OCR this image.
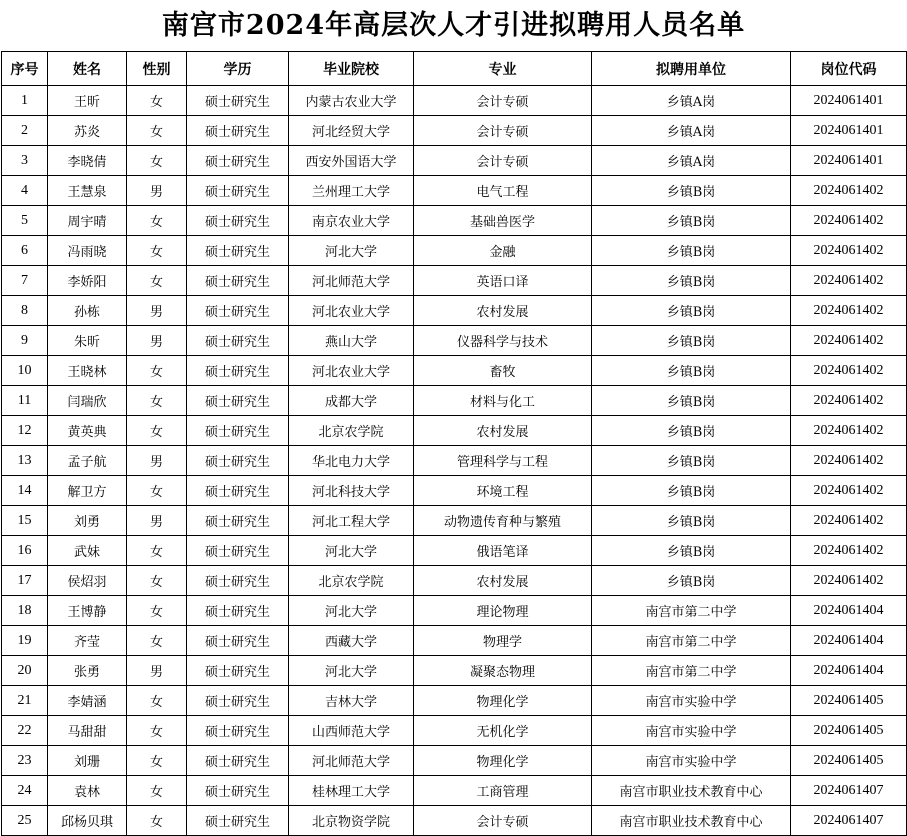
南宫市2024年高层次人才引进拟聘用人员名单
序号	姓名	性别	学历	毕业院校	专业	拟聘用单位	岗位代码
1	王昕	女	硕士研究生	内蒙古农业大学	会计专硕	乡镇A岗	2024061401
2	苏炎	女	硕士研究生	河北经贸大学	会计专硕	乡镇A岗	2024061401
3	李晓倩	女	硕士研究生	西安外国语大学	会计专硕	乡镇A岗	2024061401
4	王慧泉	男	硕士研究生	兰州理工大学	电气工程	乡镇B岗	2024061402
5	周宇晴	女	硕士研究生	南京农业大学	基础兽医学	乡镇B岗	2024061402
6	冯雨晓	女	硕士研究生	河北大学	金融	乡镇B岗	2024061402
7	李娇阳	女	硕士研究生	河北师范大学	英语口译	乡镇B岗	2024061402
8	孙栋	男	硕士研究生	河北农业大学	农村发展	乡镇B岗	2024061402
9	朱昕	男	硕士研究生	燕山大学	仪器科学与技术	乡镇B岗	2024061402
10	王晓林	女	硕士研究生	河北农业大学	畜牧	乡镇B岗	2024061402
11	闫瑞欣	女	硕士研究生	成都大学	材料与化工	乡镇B岗	2024061402
12	黄英典	女	硕士研究生	北京农学院	农村发展	乡镇B岗	2024061402
13	孟子航	男	硕士研究生	华北电力大学	管理科学与工程	乡镇B岗	2024061402
14	解卫方	女	硕士研究生	河北科技大学	环境工程	乡镇B岗	2024061402
15	刘勇	男	硕士研究生	河北工程大学	动物遗传育种与繁殖	乡镇B岗	2024061402
16	武妹	女	硕士研究生	河北大学	俄语笔译	乡镇B岗	2024061402
17	侯炤羽	女	硕士研究生	北京农学院	农村发展	乡镇B岗	2024061402
18	王博静	女	硕士研究生	河北大学	理论物理	南宫市第二中学	2024061404
19	齐莹	女	硕士研究生	西藏大学	物理学	南宫市第二中学	2024061404
20	张勇	男	硕士研究生	河北大学	凝聚态物理	南宫市第二中学	2024061404
21	李婧涵	女	硕士研究生	吉林大学	物理化学	南宫市实验中学	2024061405
22	马甜甜	女	硕士研究生	山西师范大学	无机化学	南宫市实验中学	2024061405
23	刘珊	女	硕士研究生	河北师范大学	物理化学	南宫市实验中学	2024061405
24	袁林	女	硕士研究生	桂林理工大学	工商管理	南宫市职业技术教育中心	2024061407
25	邱杨贝琪	女	硕士研究生	北京物资学院	会计专硕	南宫市职业技术教育中心	2024061407
